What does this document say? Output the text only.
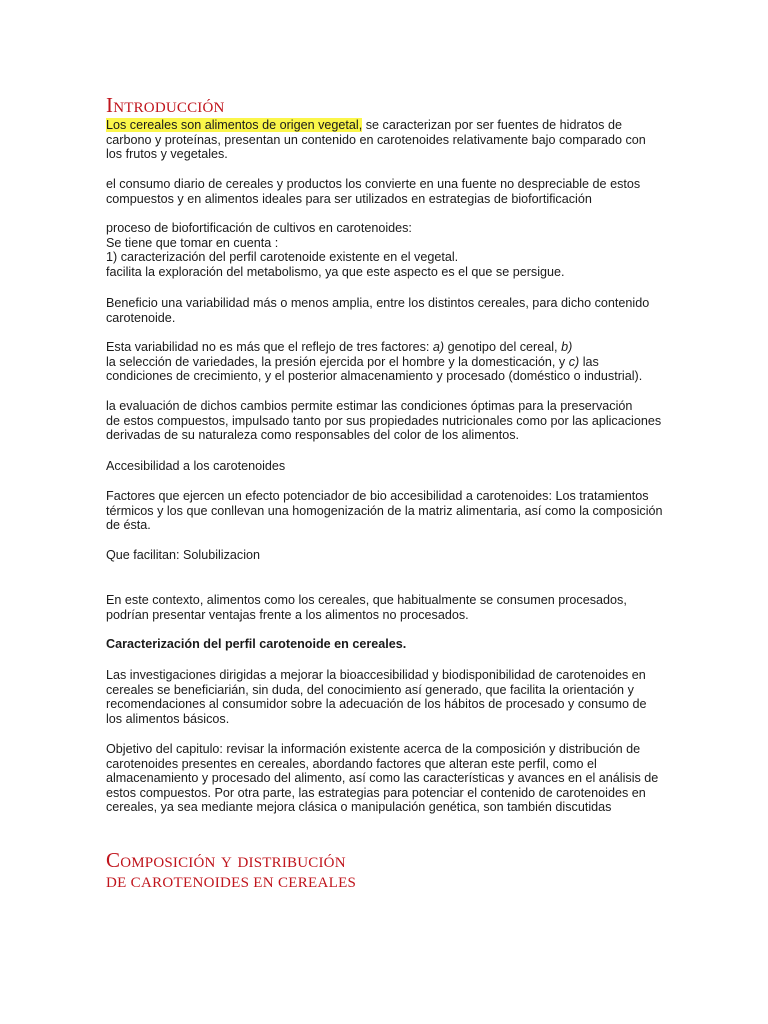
Introducción
Los cereales son alimentos de origen vegetal, se caracterizan por ser fuentes de hidratos de
carbono y proteínas, presentan un contenido en carotenoides relativamente bajo comparado con
los frutos y vegetales.
el consumo diario de cereales y productos los convierte en una fuente no despreciable de estos
compuestos y en alimentos ideales para ser utilizados en estrategias de biofortificación
proceso de biofortificación de cultivos en carotenoides:
Se tiene que tomar en cuenta :
1) caracterización del perfil carotenoide existente en el vegetal.
facilita la exploración del metabolismo, ya que este aspecto es el que se persigue.
Beneficio una variabilidad más o menos amplia, entre los distintos cereales, para dicho contenido
carotenoide.
Esta variabilidad no es más que el reflejo de tres factores: a) genotipo del cereal, b)
la selección de variedades, la presión ejercida por el hombre y la domesticación, y c) las
condiciones de crecimiento, y el posterior almacenamiento y procesado (doméstico o industrial).
la evaluación de dichos cambios permite estimar las condiciones óptimas para la preservación
de estos compuestos, impulsado tanto por sus propiedades nutricionales como por las aplicaciones
derivadas de su naturaleza como responsables del color de los alimentos.
Accesibilidad a los carotenoides
Factores que ejercen un efecto potenciador de bio accesibilidad a carotenoides: Los tratamientos
térmicos y los que conllevan una homogenización de la matriz alimentaria, así como la composición
de ésta.
Que facilitan: Solubilizacion
En este contexto, alimentos como los cereales, que habitualmente se consumen procesados,
podrían presentar ventajas frente a los alimentos no procesados.
Caracterización del perfil carotenoide en cereales.
Las investigaciones dirigidas a mejorar la bioaccesibilidad y biodisponibilidad de carotenoides en
cereales se beneficiarián, sin duda, del conocimiento así generado, que facilita la orientación y
recomendaciones al consumidor sobre la adecuación de los hábitos de procesado y consumo de
los alimentos básicos.
Objetivo del capitulo: revisar la información existente acerca de la composición y distribución de
carotenoides presentes en cereales, abordando factores que alteran este perfil, como el
almacenamiento y procesado del alimento, así como las características y avances en el análisis de
estos compuestos. Por otra parte, las estrategias para potenciar el contenido de carotenoides en
cereales, ya sea mediante mejora clásica o manipulación genética, son también discutidas
Composición y distribución
DE CAROTENOIDES EN CEREALES
